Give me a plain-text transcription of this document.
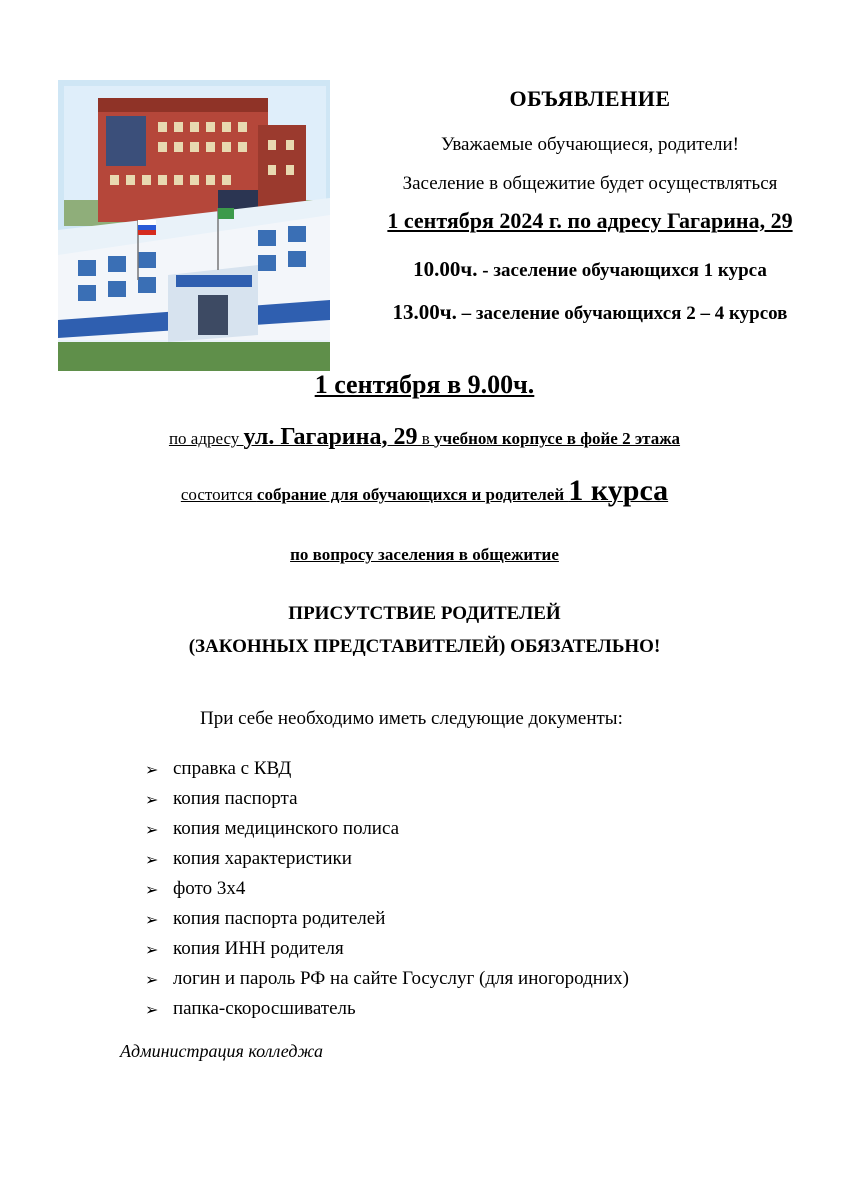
ОБЪЯВЛЕНИЕ
Уважаемые обучающиеся, родители!
Заселение в общежитие будет осуществляться
1 сентября 2024 г. по адресу Гагарина, 29
10.00ч. - заселение обучающихся 1 курса
13.00ч. – заселение обучающихся 2 – 4 курсов
1 сентября в 9.00ч.
по адресу ул. Гагарина, 29 в учебном корпусе в фойе 2 этажа
состоится собрание для обучающихся и родителей 1 курса
по вопросу заселения в общежитие
ПРИСУТСТВИЕ РОДИТЕЛЕЙ
(ЗАКОННЫХ ПРЕДСТАВИТЕЛЕЙ) ОБЯЗАТЕЛЬНО!
При себе необходимо иметь следующие документы:
➢ справка с КВД
➢ копия паспорта
➢ копия медицинского полиса
➢ копия характеристики
➢ фото 3х4
➢ копия паспорта родителей
➢ копия ИНН родителя
➢ логин и пароль РФ на сайте Госуслуг (для иногородних)
➢ папка-скоросшиватель
Администрация колледжа
